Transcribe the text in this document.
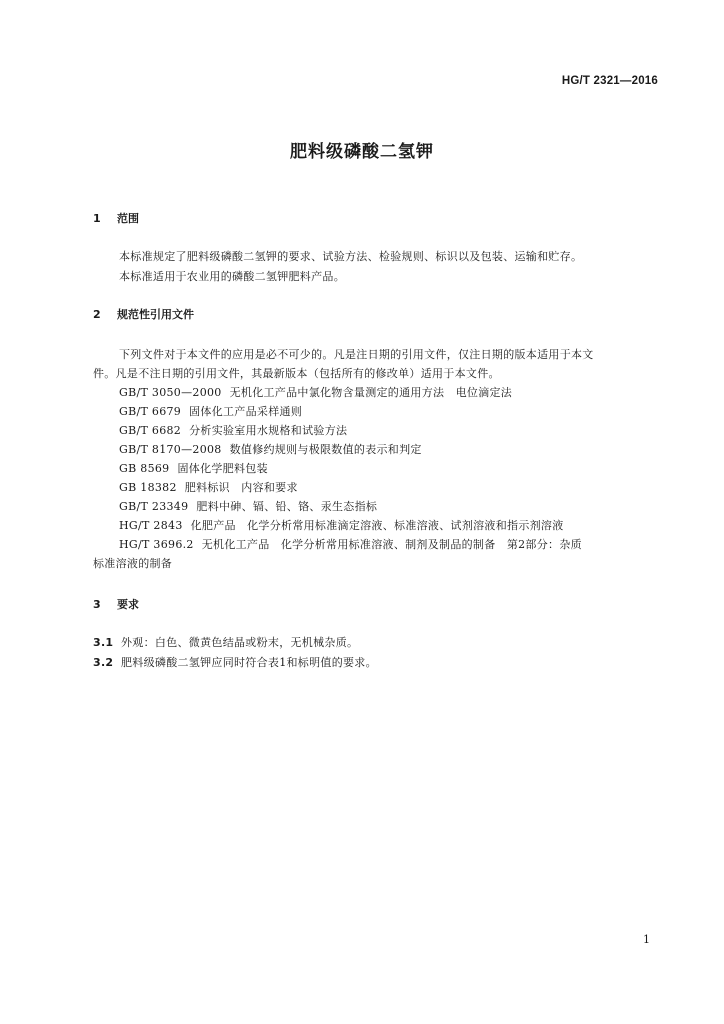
HG/T 2321—2016
肥料级磷酸二氢钾
1 范围
本标准规定了肥料级磷酸二氢钾的要求、试验方法、检验规则、标识以及包装、运输和贮存。
本标准适用于农业用的磷酸二氢钾肥料产品。
2 规范性引用文件
下列文件对于本文件的应用是必不可少的。凡是注日期的引用文件，仅注日期的版本适用于本文
件。凡是不注日期的引用文件，其最新版本（包括所有的修改单）适用于本文件。
GB/T 3050—2000 无机化工产品中氯化物含量测定的通用方法　电位滴定法
GB/T 6679 固体化工产品采样通则
GB/T 6682 分析实验室用水规格和试验方法
GB/T 8170—2008 数值修约规则与极限数值的表示和判定
GB 8569 固体化学肥料包装
GB 18382 肥料标识　内容和要求
GB/T 23349 肥料中砷、镉、铅、铬、汞生态指标
HG/T 2843 化肥产品　化学分析常用标准滴定溶液、标准溶液、试剂溶液和指示剂溶液
HG/T 3696.2 无机化工产品　化学分析常用标准溶液、制剂及制品的制备　第2部分：杂质
标准溶液的制备
3 要求
3.1 外观：白色、微黄色结晶或粉末，无机械杂质。
3.2 肥料级磷酸二氢钾应同时符合表1和标明值的要求。
1
